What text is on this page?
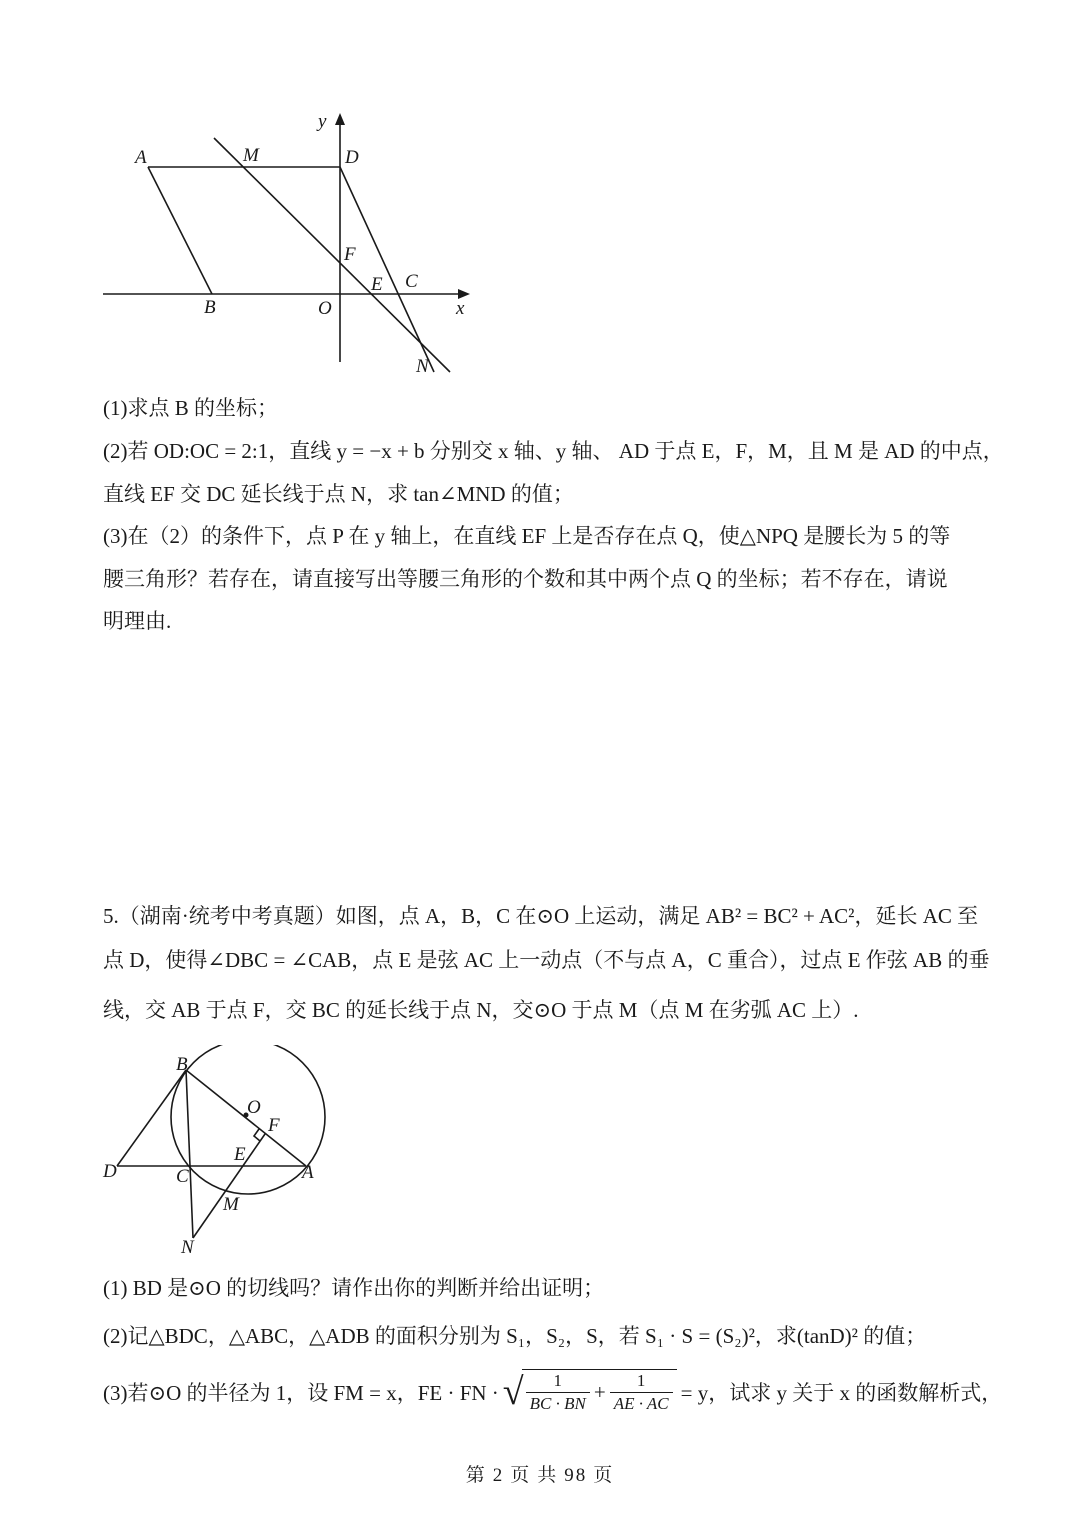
A	M	D
y
F
E C
B	O	x
N
(1)求点 B 的坐标；
(2)若 OD:OC = 2:1，直线 y = −x + b 分别交 x 轴、y 轴、 AD 于点 E，F，M，且 M 是 AD 的中点，
直线 EF 交 DC 延长线于点 N，求 tan∠MND 的值；
(3)在（2）的条件下，点 P 在 y 轴上，在直线 EF 上是否存在点 Q，使△NPQ 是腰长为 5 的等
腰三角形？若存在，请直接写出等腰三角形的个数和其中两个点 Q 的坐标；若不存在，请说
明理由.
5.（湖南·统考中考真题）如图，点 A，B，C 在⊙O 上运动，满足 AB² = BC² + AC²，延长 AC 至
点 D，使得∠DBC = ∠CAB，点 E 是弦 AC 上一动点（不与点 A，C 重合），过点 E 作弦 AB 的垂
线，交 AB 于点 F，交 BC 的延长线于点 N，交⊙O 于点 M（点 M 在劣弧 AC 上）.
B
O
F
E
D	C	A
M
N
(1) BD 是⊙O 的切线吗？请作出你的判断并给出证明；
(2)记△BDC，△ABC，△ADB 的面积分别为 S₁，S₂，S，若 S₁ · S = (S₂)²，求(tanD)² 的值；
(3)若⊙O 的半径为 1，设 FM = x，FE · FN · √ $\frac{1}{BC \cdot BN} + \frac{1}{AE \cdot AC} = y$，试求 y 关于 x 的函数解析式，
第 2 页 共 98 页
